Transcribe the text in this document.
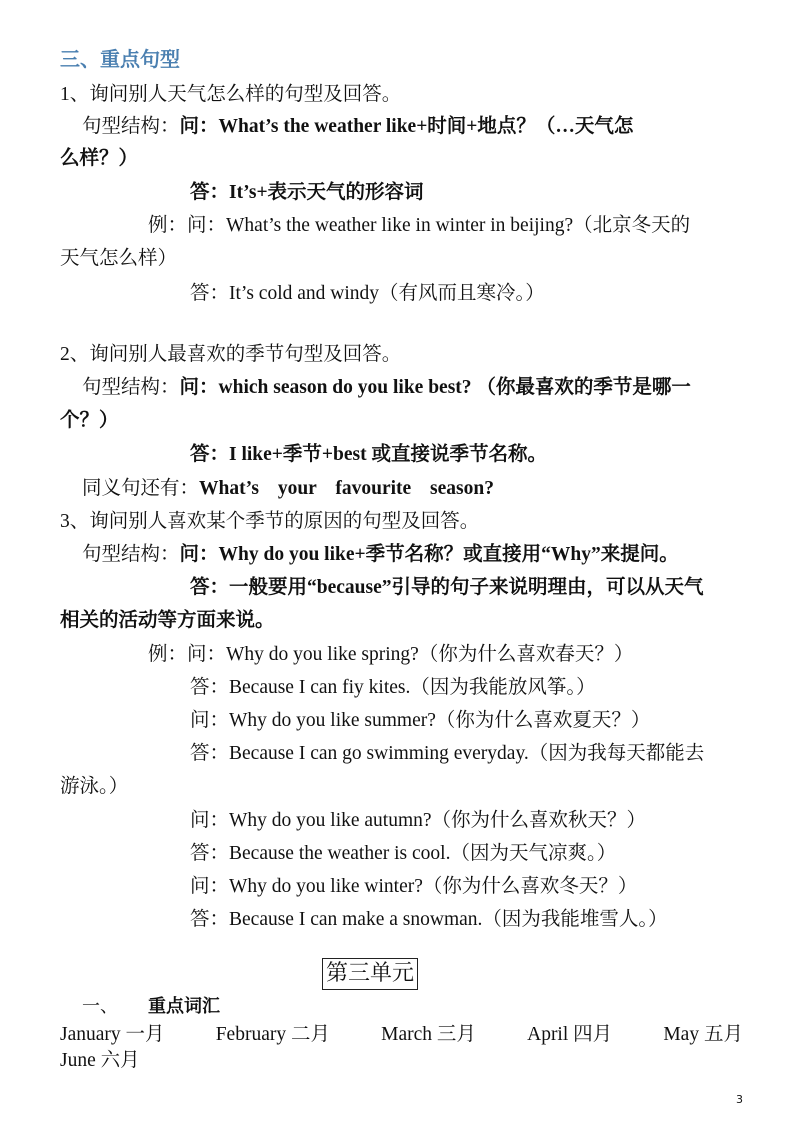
三、重点句型
1、询问别人天气怎么样的句型及回答。
句型结构：问：What’s the weather like+时间+地点？（…天气怎
么样？）
答：It’s+表示天气的形容词
例：问：What’s the weather like in winter in beijing?（北京冬天的
天气怎么样）
答：It’s cold and windy（有风而且寒冷。）
2、询问别人最喜欢的季节句型及回答。
句型结构：问：which season do you like best? （你最喜欢的季节是哪一
个？）
答：I like+季节+best 或直接说季节名称。
同义句还有：What’s your favourite season?
3、询问别人喜欢某个季节的原因的句型及回答。
句型结构：问：Why do you like+季节名称？或直接用“Why”来提问。
答：一般要用“because”引导的句子来说明理由，可以从天气
相关的活动等方面来说。
例：问：Why do you like spring?（你为什么喜欢春天？）
答：Because I can fiy kites.（因为我能放风筝。）
问：Why do you like summer?（你为什么喜欢夏天？）
答：Because I can go swimming everyday.（因为我每天都能去
游泳。）
问：Why do you like autumn?（你为什么喜欢秋天？）
答：Because the weather is cool.（因为天气凉爽。）
问：Why do you like winter?（你为什么喜欢冬天？）
答：Because I can make a snowman.（因为我能堆雪人。）
第三单元
一、 重点词汇
January 一月	February 二月	March 三月	April 四月	May 五月
June 六月
3
